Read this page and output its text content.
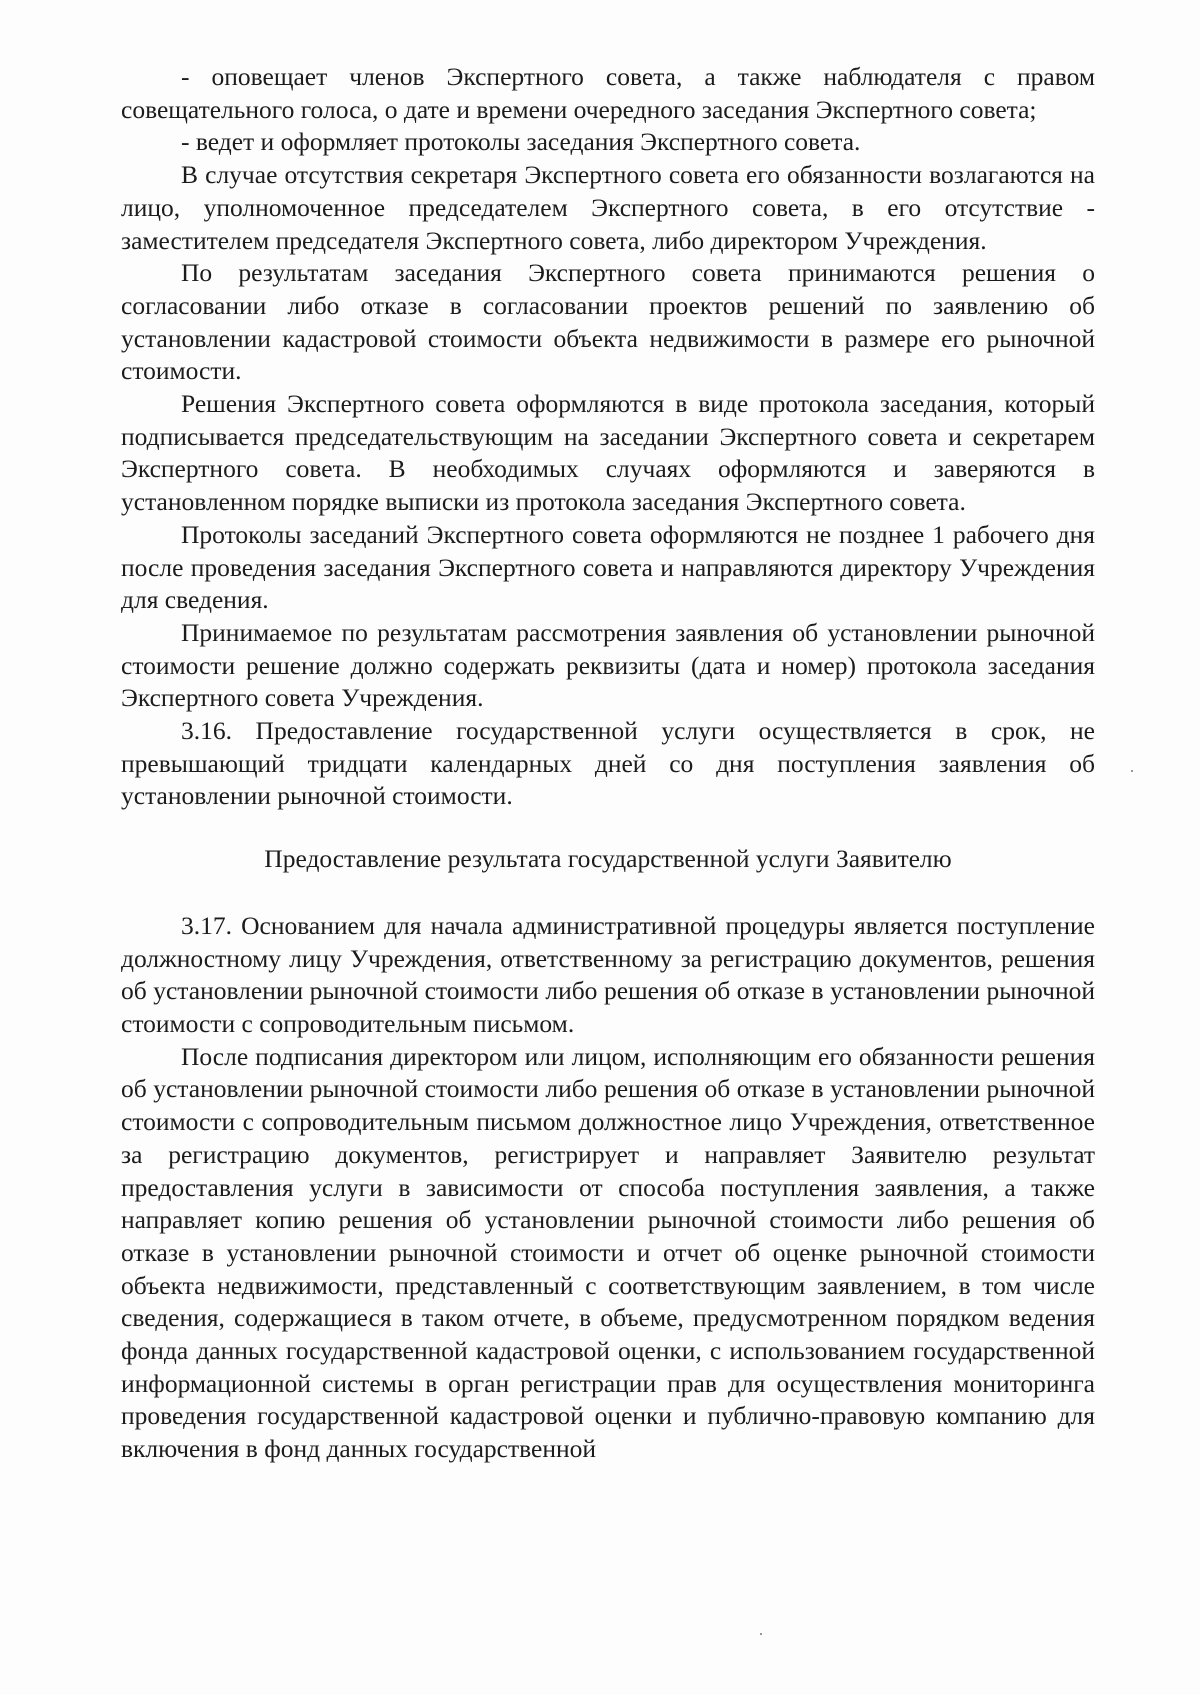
- оповещает членов Экспертного совета, а также наблюдателя с правом совещательного голоса, о дате и времени очередного заседания Экспертного совета;

- ведет и оформляет протоколы заседания Экспертного совета.

В случае отсутствия секретаря Экспертного совета его обязанности возлагаются на лицо, уполномоченное председателем Экспертного совета, в его отсутствие - заместителем председателя Экспертного совета, либо директором Учреждения.

По результатам заседания Экспертного совета принимаются решения о согласовании либо отказе в согласовании проектов решений по заявлению об установлении кадастровой стоимости объекта недвижимости в размере его рыночной стоимости.

Решения Экспертного совета оформляются в виде протокола заседания, который подписывается председательствующим на заседании Экспертного совета и секретарем Экспертного совета. В необходимых случаях оформляются и заверяются в установленном порядке выписки из протокола заседания Экспертного совета.

Протоколы заседаний Экспертного совета оформляются не позднее 1 рабочего дня после проведения заседания Экспертного совета и направляются директору Учреждения для сведения.

Принимаемое по результатам рассмотрения заявления об установлении рыночной стоимости решение должно содержать реквизиты (дата и номер) протокола заседания Экспертного совета Учреждения.

3.16. Предоставление государственной услуги осуществляется в срок, не превышающий тридцати календарных дней со дня поступления заявления об установлении рыночной стоимости.

Предоставление результата государственной услуги Заявителю

3.17. Основанием для начала административной процедуры является поступление должностному лицу Учреждения, ответственному за регистрацию документов, решения об установлении рыночной стоимости либо решения об отказе в установлении рыночной стоимости с сопроводительным письмом.

После подписания директором или лицом, исполняющим его обязанности решения об установлении рыночной стоимости либо решения об отказе в установлении рыночной стоимости с сопроводительным письмом должностное лицо Учреждения, ответственное за регистрацию документов, регистрирует и направляет Заявителю результат предоставления услуги в зависимости от способа поступления заявления, а также направляет копию решения об установлении рыночной стоимости либо решения об отказе в установлении рыночной стоимости и отчет об оценке рыночной стоимости объекта недвижимости, представленный с соответствующим заявлением, в том числе сведения, содержащиеся в таком отчете, в объеме, предусмотренном порядком ведения фонда данных государственной кадастровой оценки, с использованием государственной информационной системы в орган регистрации прав для осуществления мониторинга проведения государственной кадастровой оценки и публично-правовую компанию для включения в фонд данных государственной
